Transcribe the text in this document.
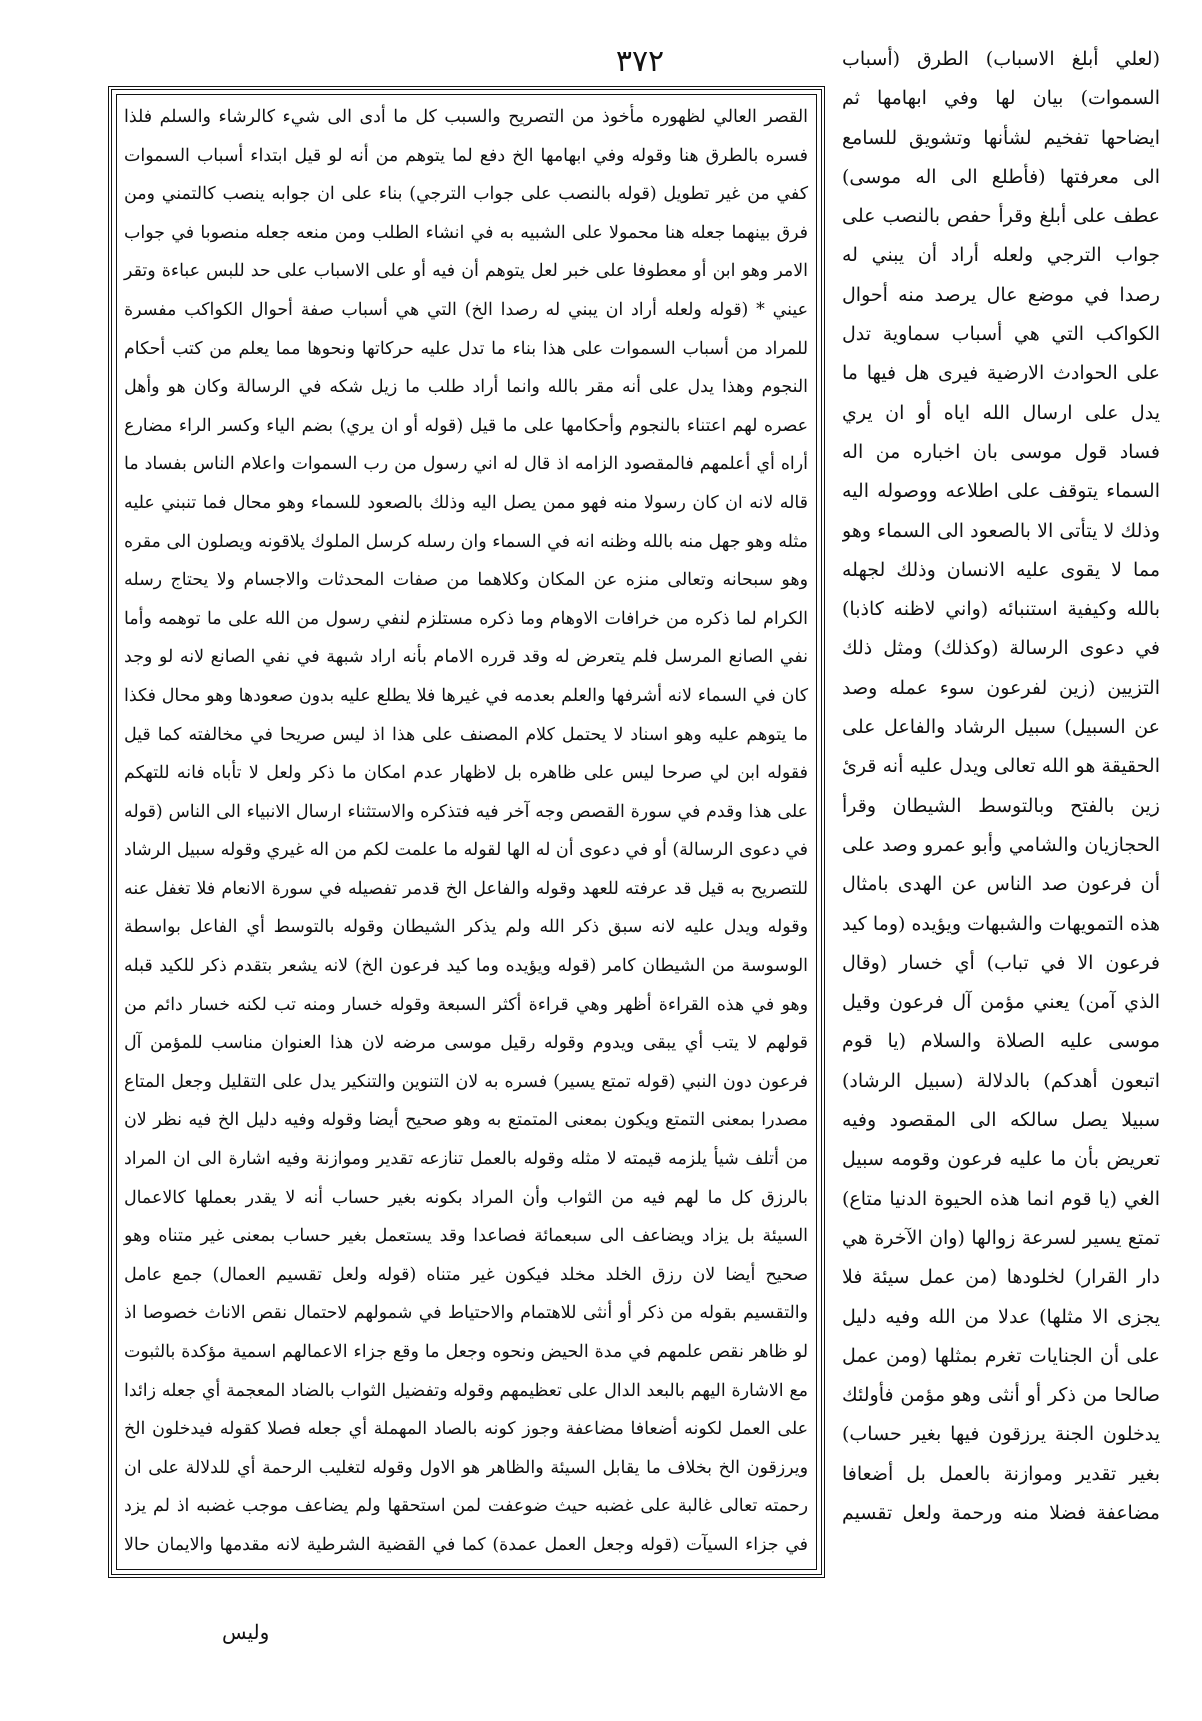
٣٧٢
القصر العالي لظهوره مأخوذ من التصريح والسبب كل ما أدى الى شيء كالرشاء والسلم فلذا فسره بالطرق هنا وقوله وفي ابهامها الخ دفع لما يتوهم من أنه لو قيل ابتداء أسباب السموات كفي من غير تطويل (قوله بالنصب على جواب الترجي) بناء على ان جوابه ينصب كالتمني ومن فرق بينهما جعله هنا محمولا على الشبيه به في انشاء الطلب ومن منعه جعله منصوبا في جواب الامر وهو ابن أو معطوفا على خبر لعل يتوهم أن فيه أو على الاسباب على حد للبس عباءة وتقر عيني * (قوله ولعله أراد ان يبني له رصدا الخ) التي هي أسباب صفة أحوال الكواكب مفسرة للمراد من أسباب السموات على هذا بناء ما تدل عليه حركاتها ونحوها مما يعلم من كتب أحكام النجوم وهذا يدل على أنه مقر بالله وانما أراد طلب ما زيل شكه في الرسالة وكان هو وأهل عصره لهم اعتناء بالنجوم وأحكامها على ما قيل (قوله أو ان يري) بضم الياء وكسر الراء مضارع أراه أي أعلمهم فالمقصود الزامه اذ قال له اني رسول من رب السموات واعلام الناس بفساد ما قاله لانه ان كان رسولا منه فهو ممن يصل اليه وذلك بالصعود للسماء وهو محال فما تنبني عليه مثله وهو جهل منه بالله وظنه انه في السماء وان رسله كرسل الملوك يلاقونه ويصلون الى مقره وهو سبحانه وتعالى منزه عن المكان وكلاهما من صفات المحدثات والاجسام ولا يحتاج رسله الكرام لما ذكره من خرافات الاوهام وما ذكره مستلزم لنفي رسول من الله على ما توهمه وأما نفي الصانع المرسل فلم يتعرض له وقد قرره الامام بأنه اراد شبهة في نفي الصانع لانه لو وجد كان في السماء لانه أشرفها والعلم بعدمه في غيرها فلا يطلع عليه بدون صعودها وهو محال فكذا ما يتوهم عليه وهو اسناد لا يحتمل كلام المصنف على هذا اذ ليس صريحا في مخالفته كما قيل فقوله ابن لي صرحا ليس على ظاهره بل لاظهار عدم امكان ما ذكر ولعل لا تأباه فانه للتهكم على هذا وقدم في سورة القصص وجه آخر فيه فتذكره والاستثناء ارسال الانبياء الى الناس (قوله في دعوى الرسالة) أو في دعوى أن له الها لقوله ما علمت لكم من اله غيري وقوله سبيل الرشاد للتصريح به قيل قد عرفته للعهد وقوله والفاعل الخ قدمر تفصيله في سورة الانعام فلا تغفل عنه وقوله ويدل عليه لانه سبق ذكر الله ولم يذكر الشيطان وقوله بالتوسط أي الفاعل بواسطة الوسوسة من الشيطان كامر (قوله ويؤيده وما كيد فرعون الخ) لانه يشعر بتقدم ذكر للكيد قبله وهو في هذه القراءة أظهر وهي قراءة أكثر السبعة وقوله خسار ومنه تب لكنه خسار دائم من قولهم لا يتب أي يبقى ويدوم وقوله رقيل موسى مرضه لان هذا العنوان مناسب للمؤمن آل فرعون دون النبي (قوله تمتع يسير) فسره به لان التنوين والتنكير يدل على التقليل وجعل المتاع مصدرا بمعنى التمتع ويكون بمعنى المتمتع به وهو صحيح أيضا وقوله وفيه دليل الخ فيه نظر لان من أتلف شيأ يلزمه قيمته لا مثله وقوله بالعمل تنازعه تقدير وموازنة وفيه اشارة الى ان المراد بالرزق كل ما لهم فيه من الثواب وأن المراد بكونه بغير حساب أنه لا يقدر بعملها كالاعمال السيئة بل يزاد ويضاعف الى سبعمائة فصاعدا وقد يستعمل بغير حساب بمعنى غير متناه وهو صحيح أيضا لان رزق الخلد مخلد فيكون غير متناه (قوله ولعل تقسيم العمال) جمع عامل والتقسيم بقوله من ذكر أو أنثى للاهتمام والاحتياط في شمولهم لاحتمال نقص الاناث خصوصا اذ لو ظاهر نقص علمهم في مدة الحيض ونحوه وجعل ما وقع جزاء الاعمالهم اسمية مؤكدة بالثبوت مع الاشارة اليهم بالبعد الدال على تعظيمهم وقوله وتفضيل الثواب بالضاد المعجمة أي جعله زائدا على العمل لكونه أضعافا مضاعفة وجوز كونه بالصاد المهملة أي جعله فصلا كقوله فيدخلون الخ ويرزقون الخ بخلاف ما يقابل السيئة والظاهر هو الاول وقوله لتغليب الرحمة أي للدلالة على ان رحمته تعالى غالبة على غضبه حيث ضوعفت لمن استحقها ولم يضاعف موجب غضبه اذ لم يزد في جزاء السيآت (قوله وجعل العمل عمدة) كما في القضية الشرطية لانه مقدمها والايمان حالا
(لعلي أبلغ الاسباب) الطرق (أسباب السموات) بيان لها وفي ابهامها ثم ايضاحها تفخيم لشأنها وتشويق للسامع الى معرفتها (فأطلع الى اله موسى) عطف على أبلغ وقرأ حفص بالنصب على جواب الترجي ولعله أراد أن يبني له رصدا في موضع عال يرصد منه أحوال الكواكب التي هي أسباب سماوية تدل على الحوادث الارضية فيرى هل فيها ما يدل على ارسال الله اياه أو ان يري فساد قول موسى بان اخباره من اله السماء يتوقف على اطلاعه ووصوله اليه وذلك لا يتأتى الا بالصعود الى السماء وهو مما لا يقوى عليه الانسان وذلك لجهله بالله وكيفية استنبائه (واني لاظنه كاذبا) في دعوى الرسالة (وكذلك) ومثل ذلك التزيين (زين لفرعون سوء عمله وصد عن السبيل) سبيل الرشاد والفاعل على الحقيقة هو الله تعالى ويدل عليه أنه قرئ زين بالفتح وبالتوسط الشيطان وقرأ الحجازيان والشامي وأبو عمرو وصد على أن فرعون صد الناس عن الهدى بامثال هذه التمويهات والشبهات ويؤيده (وما كيد فرعون الا في تباب) أي خسار (وقال الذي آمن) يعني مؤمن آل فرعون وقيل موسى عليه الصلاة والسلام (يا قوم اتبعون أهدكم) بالدلالة (سبيل الرشاد) سبيلا يصل سالكه الى المقصود وفيه تعريض بأن ما عليه فرعون وقومه سبيل الغي (يا قوم انما هذه الحيوة الدنيا متاع) تمتع يسير لسرعة زوالها (وان الآخرة هي دار القرار) لخلودها (من عمل سيئة فلا يجزى الا مثلها) عدلا من الله وفيه دليل على أن الجنايات تغرم بمثلها (ومن عمل صالحا من ذكر أو أنثى وهو مؤمن فأولئك يدخلون الجنة يرزقون فيها بغير حساب) بغير تقدير وموازنة بالعمل بل أضعافا مضاعفة فضلا منه ورحمة ولعل تقسيم
وليس
